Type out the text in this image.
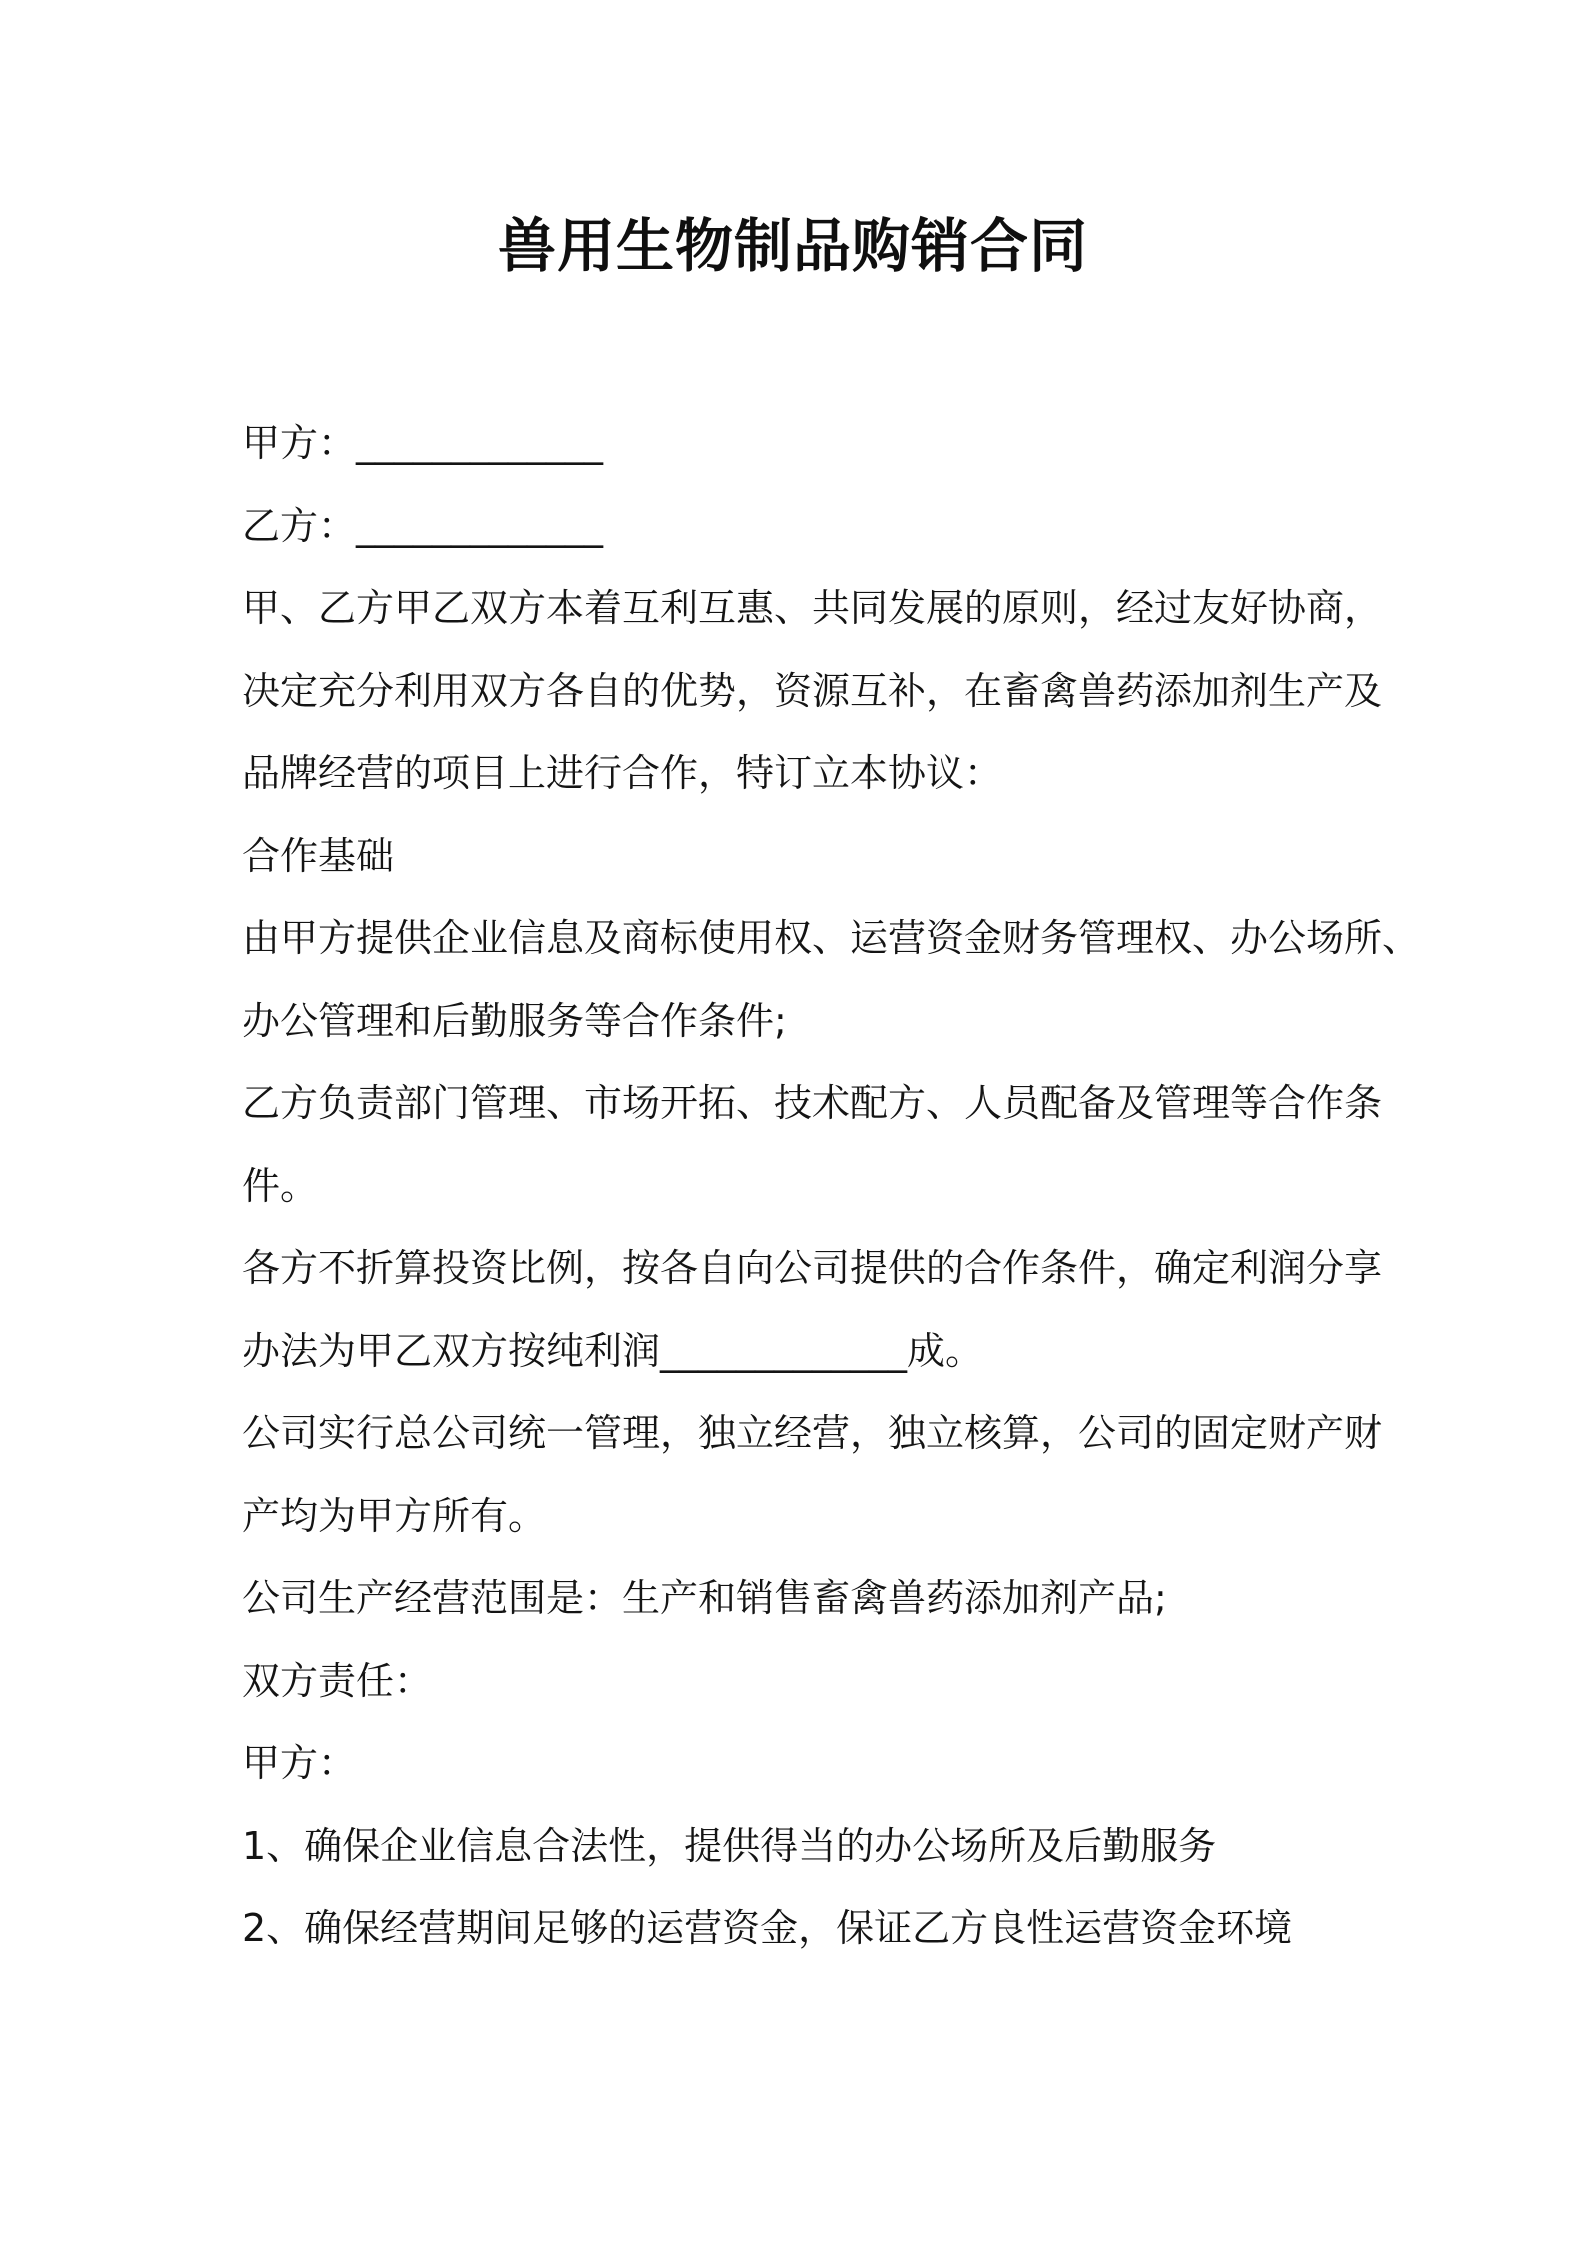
兽用生物制品购销合同
甲方：_____________
乙方：_____________
甲、乙方甲乙双方本着互利互惠、共同发展的原则，经过友好协商，
决定充分利用双方各自的优势，资源互补，在畜禽兽药添加剂生产及
品牌经营的项目上进行合作，特订立本协议：
合作基础
由甲方提供企业信息及商标使用权、运营资金财务管理权、办公场所、
办公管理和后勤服务等合作条件;
乙方负责部门管理、市场开拓、技术配方、人员配备及管理等合作条
件。
各方不折算投资比例，按各自向公司提供的合作条件，确定利润分享
办法为甲乙双方按纯利润_____________成。
公司实行总公司统一管理，独立经营，独立核算，公司的固定财产财
产均为甲方所有。
公司生产经营范围是：生产和销售畜禽兽药添加剂产品;
双方责任：
甲方：
1、确保企业信息合法性，提供得当的办公场所及后勤服务
2、确保经营期间足够的运营资金，保证乙方良性运营资金环境
